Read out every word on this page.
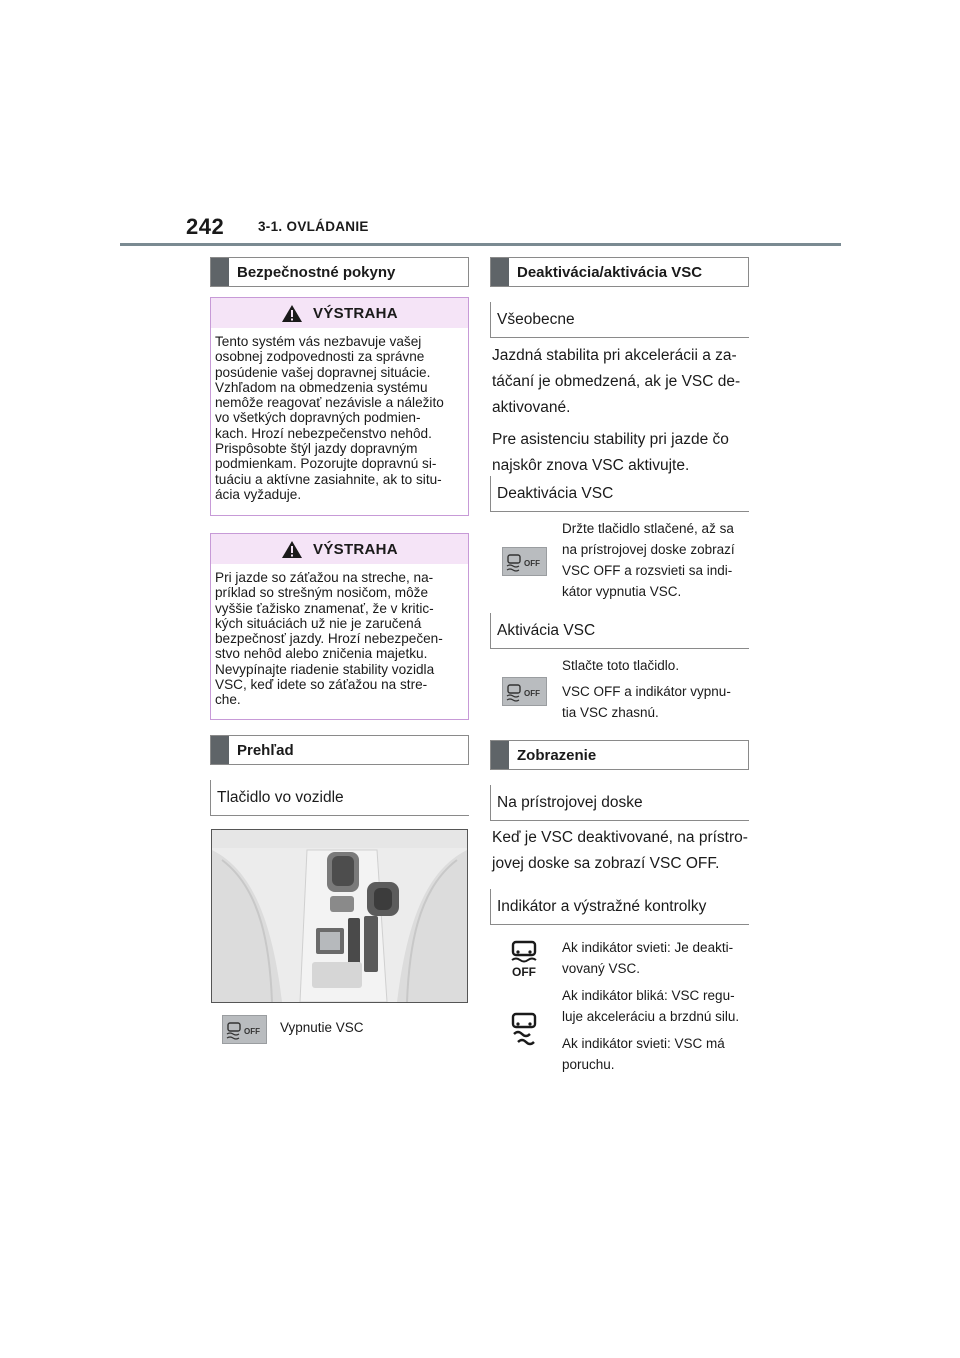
242	3-1. OVLÁDANIE
Bezpečnostné pokyny
VÝSTRAHA
Tento systém vás nezbavuje vašej
osobnej zodpovednosti za správne
posúdenie vašej dopravnej situácie.
Vzhľadom na obmedzenia systému
nemôže reagovať nezávisle a náležito
vo všetkých dopravných podmien-
kach. Hrozí nebezpečenstvo nehôd.
Prispôsobte štýl jazdy dopravným
podmienkam. Pozorujte dopravnú si-
tuáciu a aktívne zasiahnite, ak to situ-
ácia vyžaduje.
VÝSTRAHA
Pri jazde so záťažou na streche, na-
príklad so strešným nosičom, môže
vyššie ťažisko znamenať, že v kritic-
kých situáciách už nie je zaručená
bezpečnosť jazdy. Hrozí nebezpečen-
stvo nehôd alebo zničenia majetku.
Nevypínajte riadenie stability vozidla
VSC, keď idete so záťažou na stre-
che.
Prehľad
Tlačidlo vo vozidle
OFF Vypnutie VSC
Deaktivácia/aktivácia VSC
Všeobecne
Jazdná stabilita pri akcelerácii a za-
táčaní je obmedzená, ak je VSC de-
aktivované.
Pre asistenciu stability pri jazde čo
najskôr znova VSC aktivujte.
Deaktivácia VSC
OFF
Držte tlačidlo stlačené, až sa
na prístrojovej doske zobrazí
VSC OFF a rozsvieti sa indi-
kátor vypnutia VSC.
Aktivácia VSC
OFF
Stlačte toto tlačidlo.
VSC OFF a indikátor vypnu-
tia VSC zhasnú.
Zobrazenie
Na prístrojovej doske
Keď je VSC deaktivované, na prístro-
jovej doske sa zobrazí VSC OFF.
Indikátor a výstražné kontrolky
OFF
Ak indikátor svieti: Je deakti-
vovaný VSC.
Ak indikátor bliká: VSC regu-
luje akceleráciu a brzdnú silu.
Ak indikátor svieti: VSC má
poruchu.
